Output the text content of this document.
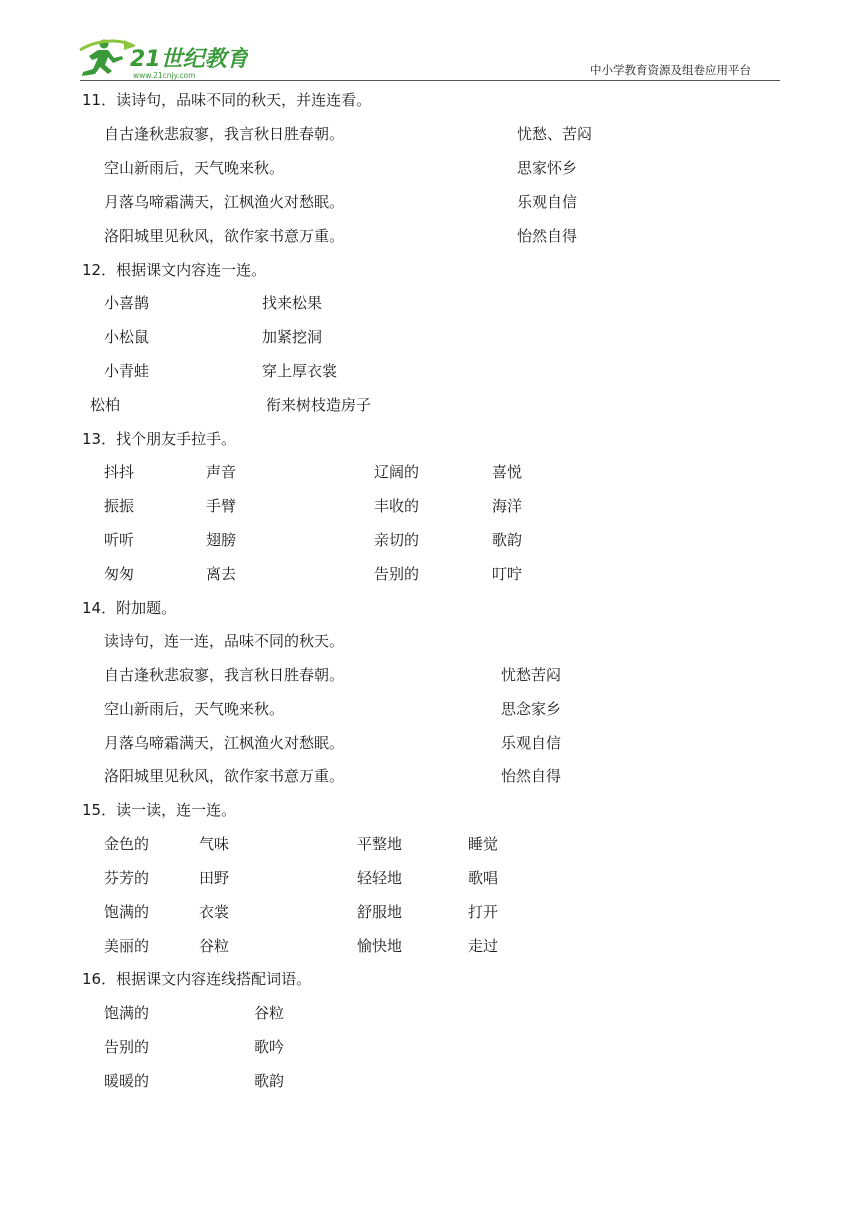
21世纪教育
www.21cnjy.com	中小学教育资源及组卷应用平台
11．读诗句，品味不同的秋天，并连连看。
自古逢秋悲寂寥，我言秋日胜春朝。
空山新雨后，天气晚来秋。
月落乌啼霜满天，江枫渔火对愁眠。
洛阳城里见秋风，欲作家书意万重。
忧愁、苦闷
思家怀乡
乐观自信
怡然自得
12．根据课文内容连一连。
小喜鹊
小松鼠
小青蛙
松柏
找来松果
加紧挖洞
穿上厚衣裳
衔来树枝造房子
13．找个朋友手拉手。
抖抖
振振
听听
匆匆
声音
手臂
翅膀
离去
辽阔的
丰收的
亲切的
告别的
喜悦
海洋
歌韵
叮咛
14．附加题。
读诗句，连一连，品味不同的秋天。
自古逢秋悲寂寥，我言秋日胜春朝。
空山新雨后，天气晚来秋。
月落乌啼霜满天，江枫渔火对愁眠。
洛阳城里见秋风，欲作家书意万重。
忧愁苦闷
思念家乡
乐观自信
怡然自得
15．读一读，连一连。
金色的
芬芳的
饱满的
美丽的
气味
田野
衣裳
谷粒
平整地
轻轻地
舒服地
愉快地
睡觉
歌唱
打开
走过
16．根据课文内容连线搭配词语。
饱满的
告别的
暖暖的
谷粒
歌吟
歌韵
